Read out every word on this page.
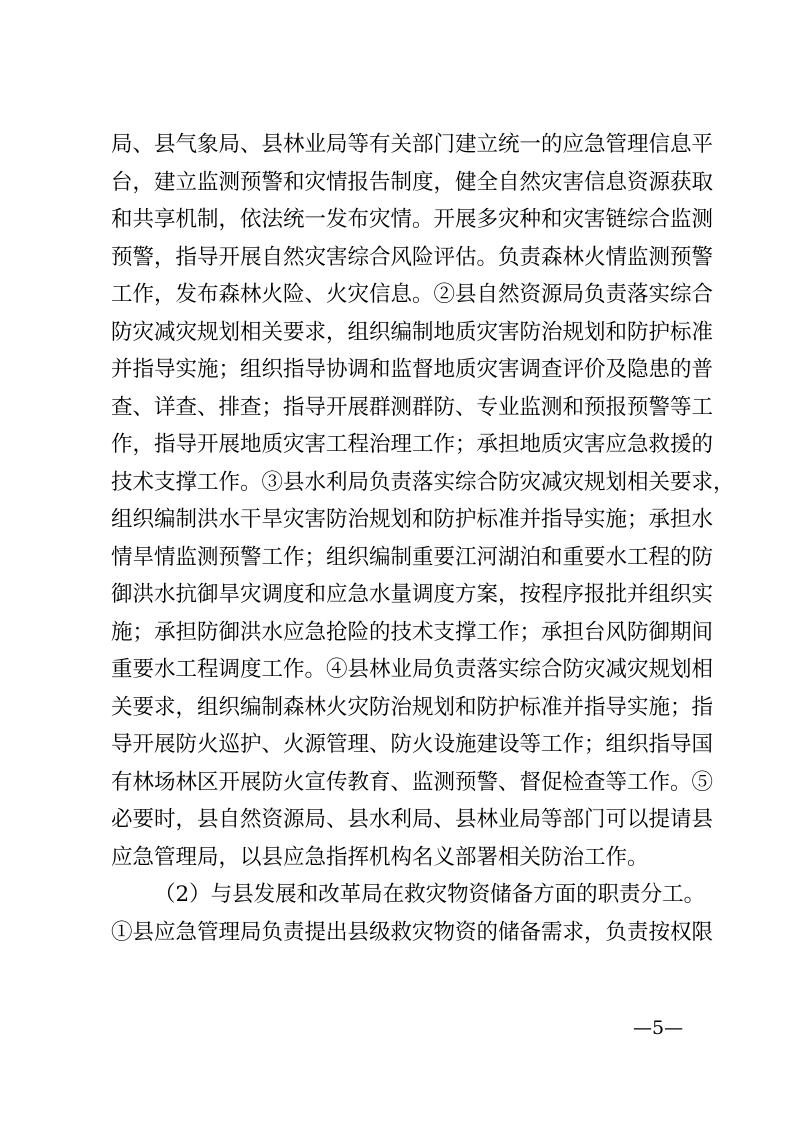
局、县气象局、县林业局等有关部门建立统一的应急管理信息平
台，建立监测预警和灾情报告制度，健全自然灾害信息资源获取
和共享机制，依法统一发布灾情。开展多灾种和灾害链综合监测
预警，指导开展自然灾害综合风险评估。负责森林火情监测预警
工作，发布森林火险、火灾信息。②县自然资源局负责落实综合
防灾减灾规划相关要求，组织编制地质灾害防治规划和防护标准
并指导实施；组织指导协调和监督地质灾害调查评价及隐患的普
查、详查、排查；指导开展群测群防、专业监测和预报预警等工
作，指导开展地质灾害工程治理工作；承担地质灾害应急救援的
技术支撑工作。③县水利局负责落实综合防灾减灾规划相关要求，
组织编制洪水干旱灾害防治规划和防护标准并指导实施；承担水
情旱情监测预警工作；组织编制重要江河湖泊和重要水工程的防
御洪水抗御旱灾调度和应急水量调度方案，按程序报批并组织实
施；承担防御洪水应急抢险的技术支撑工作；承担台风防御期间
重要水工程调度工作。④县林业局负责落实综合防灾减灾规划相
关要求，组织编制森林火灾防治规划和防护标准并指导实施；指
导开展防火巡护、火源管理、防火设施建设等工作；组织指导国
有林场林区开展防火宣传教育、监测预警、督促检查等工作。⑤
必要时，县自然资源局、县水利局、县林业局等部门可以提请县
应急管理局，以县应急指挥机构名义部署相关防治工作。
（2）与县发展和改革局在救灾物资储备方面的职责分工。
①县应急管理局负责提出县级救灾物资的储备需求，负责按权限
—5—
